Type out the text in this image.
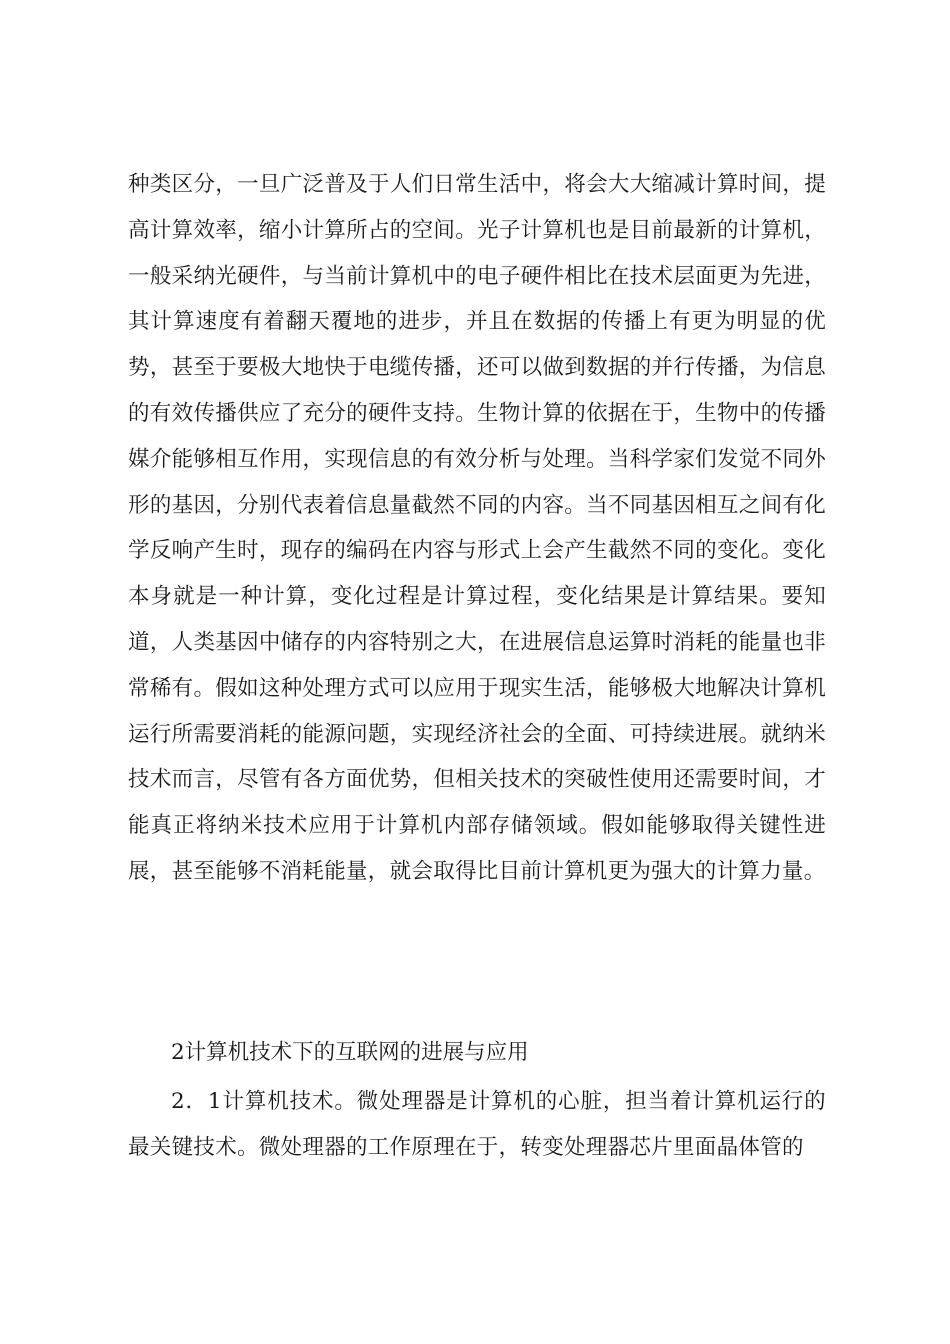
种类区分，一旦广泛普及于人们日常生活中，将会大大缩减计算时间，提高计算效率，缩小计算所占的空间。光子计算机也是目前最新的计算机，一般采纳光硬件，与当前计算机中的电子硬件相比在技术层面更为先进，其计算速度有着翻天覆地的进步，并且在数据的传播上有更为明显的优势，甚至于要极大地快于电缆传播，还可以做到数据的并行传播，为信息的有效传播供应了充分的硬件支持。生物计算的依据在于，生物中的传播媒介能够相互作用，实现信息的有效分析与处理。当科学家们发觉不同外形的基因，分别代表着信息量截然不同的内容。当不同基因相互之间有化学反响产生时，现存的编码在内容与形式上会产生截然不同的变化。变化本身就是一种计算，变化过程是计算过程，变化结果是计算结果。要知道，人类基因中储存的内容特别之大，在进展信息运算时消耗的能量也非常稀有。假如这种处理方式可以应用于现实生活，能够极大地解决计算机运行所需要消耗的能源问题，实现经济社会的全面、可持续进展。就纳米技术而言，尽管有各方面优势，但相关技术的突破性使用还需要时间，才能真正将纳米技术应用于计算机内部存储领域。假如能够取得关键性进展，甚至能够不消耗能量，就会取得比目前计算机更为强大的计算力量。
2计算机技术下的互联网的进展与应用
2．1计算机技术。微处理器是计算机的心脏，担当着计算机运行的最关键技术。微处理器的工作原理在于，转变处理器芯片里面晶体管的
